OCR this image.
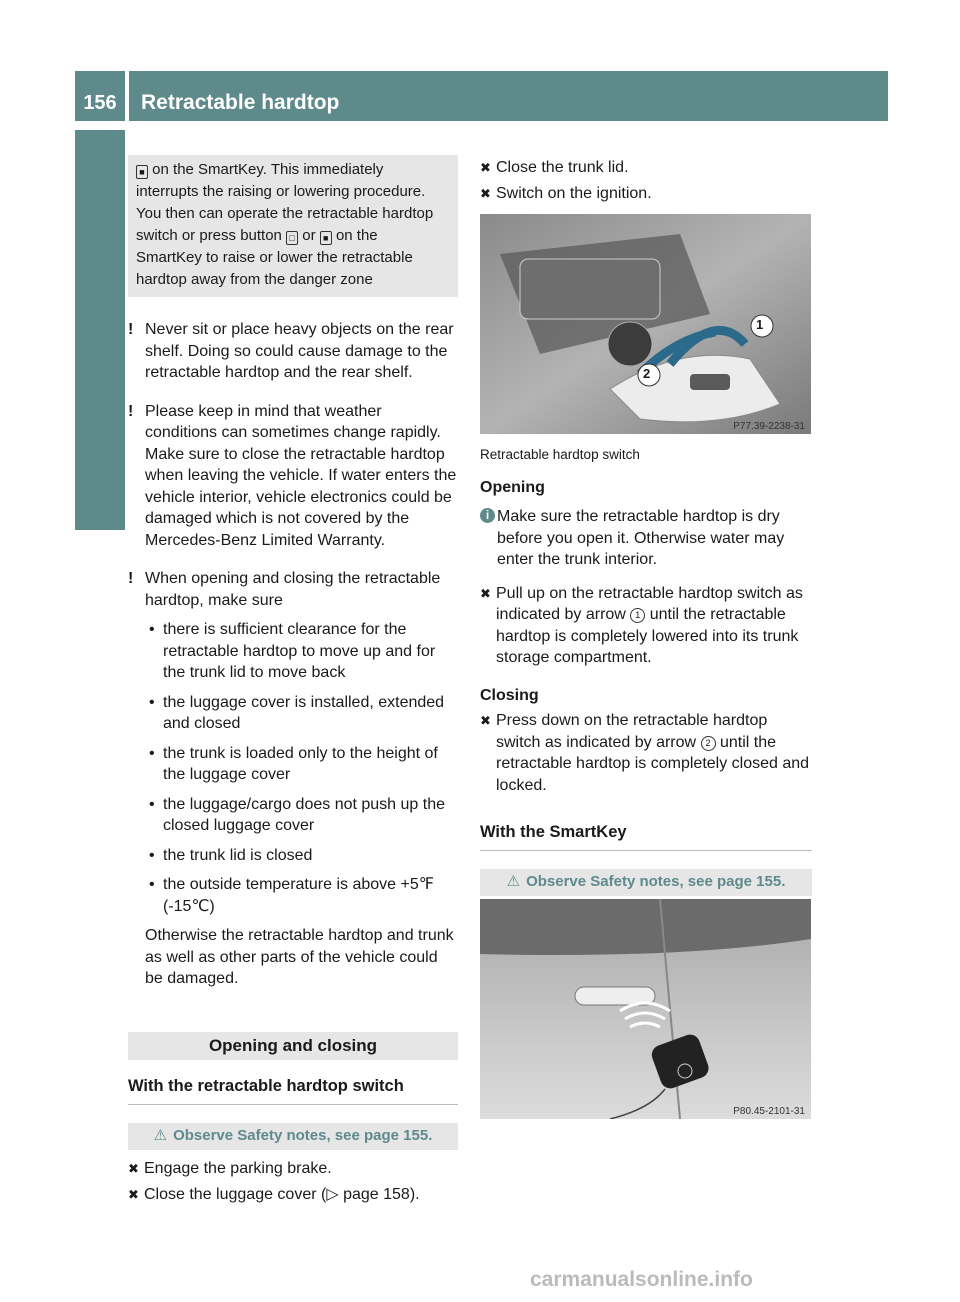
156	Retractable hardtop
Controls in detail

■ on the SmartKey. This immediately

interrupts the raising or lowering procedure.

You then can operate the retractable hardtop

switch or press button □ or ■ on the

SmartKey to raise or lower the retractable

hardtop away from the danger zone

! Never sit or place heavy objects on the rear shelf. Doing so could cause damage to the retractable hardtop and the rear shelf.

! Please keep in mind that weather conditions can sometimes change rapidly. Make sure to close the retractable hardtop when leaving the vehicle. If water enters the vehicle interior, vehicle electronics could be damaged which is not covered by the Mercedes-Benz Limited Warranty.

! When opening and closing the retractable hardtop, make sure

• there is sufficient clearance for the retractable hardtop to move up and for the trunk lid to move back
• the luggage cover is installed, extended and closed
• the trunk is loaded only to the height of the luggage cover
• the luggage/cargo does not push up the closed luggage cover
• the trunk lid is closed
• the outside temperature is above +5℉ (-15℃)

Otherwise the retractable hardtop and trunk as well as other parts of the vehicle could be damaged.

Opening and closing
With the retractable hardtop switch
⚠ Observe Safety notes, see page 155.
✖ Engage the parking brake.
✖ Close the luggage cover (▷ page 158).
✖ Close the trunk lid.
✖ Switch on the ignition.
1
2
P77.39-2238-31

Retractable hardtop switch

Opening

i Make sure the retractable hardtop is dry before you open it. Otherwise water may enter the trunk interior.

✖ Pull up on the retractable hardtop switch as indicated by arrow 1 until the retractable hardtop is completely lowered into its trunk storage compartment.

Closing

✖ Press down on the retractable hardtop switch as indicated by arrow 2 until the retractable hardtop is completely closed and locked.
With the SmartKey
⚠ Observe Safety notes, see page 155.
P80.45-2101-31
carmanualsonline.info
